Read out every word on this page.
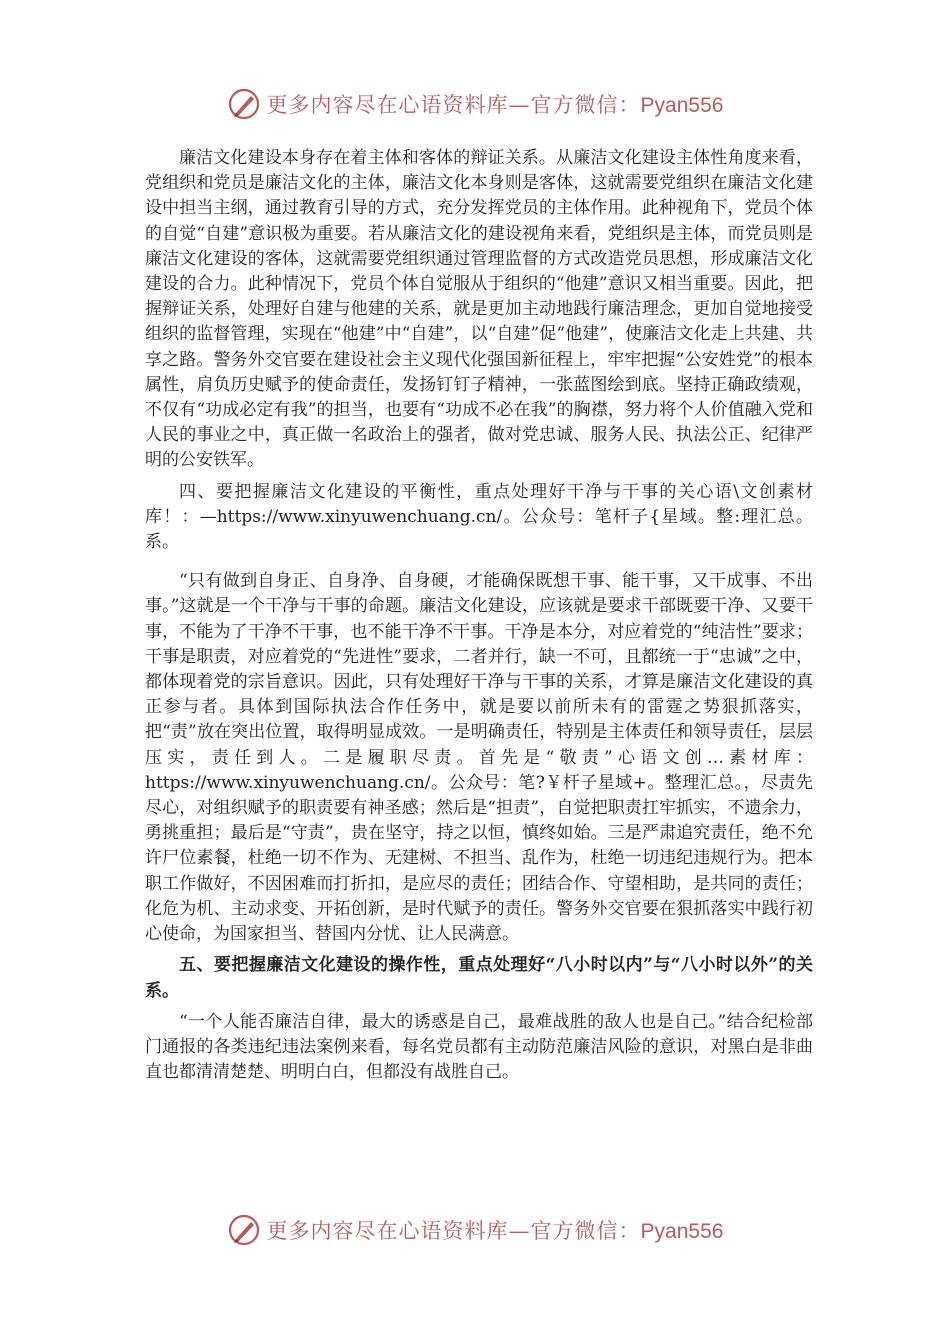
更多内容尽在心语资料库—官方微信：Pyan556

廉洁文化建设本身存在着主体和客体的辩证关系。从廉洁文化建设主体性角度来看，党组织和党员是廉洁文化的主体，廉洁文化本身则是客体，这就需要党组织在廉洁文化建设中担当主纲，通过教育引导的方式，充分发挥党员的主体作用。此种视角下，党员个体的自觉“自建”意识极为重要。若从廉洁文化的建设视角来看，党组织是主体，而党员则是廉洁文化建设的客体，这就需要党组织通过管理监督的方式改造党员思想，形成廉洁文化建设的合力。此种情况下，党员个体自觉服从于组织的“他建”意识又相当重要。因此，把握辩证关系，处理好自建与他建的关系，就是更加主动地践行廉洁理念，更加自觉地接受组织的监督管理，实现在“他建”中“自建”，以“自建”促“他建”，使廉洁文化走上共建、共享之路。警务外交官要在建设社会主义现代化强国新征程上，牢牢把握“公安姓党”的根本属性，肩负历史赋予的使命责任，发扬钉钉子精神，一张蓝图绘到底。坚持正确政绩观，不仅有“功成必定有我”的担当，也要有“功成不必在我”的胸襟，努力将个人价值融入党和人民的事业之中，真正做一名政治上的强者，做对党忠诚、服务人民、执法公正、纪律严明的公安铁军。

四、要把握廉洁文化建设的平衡性，重点处理好干净与干事的关心语\文创素材库！：—https://www.xinyuwenchuang.cn/。公众号：笔杆子{星域。整:理汇总。系。

“只有做到自身正、自身净、自身硬，才能确保既想干事、能干事，又干成事、不出事。”这就是一个干净与干事的命题。廉洁文化建设，应该就是要求干部既要干净、又要干事，不能为了干净不干事，也不能干净不干事。干净是本分，对应着党的“纯洁性”要求；干事是职责，对应着党的“先进性”要求，二者并行，缺一不可，且都统一于“忠诚”之中，都体现着党的宗旨意识。因此，只有处理好干净与干事的关系，才算是廉洁文化建设的真正参与者。具体到国际执法合作任务中，就是要以前所未有的雷霆之势狠抓落实，把“责”放在突出位置，取得明显成效。一是明确责任，特别是主体责任和领导责任，层层压实，责任到人。二是履职尽责。首先是“敬责”心语文创…素材库：https://www.xinyuwenchuang.cn/。公众号：笔?￥杆子星域+。整理汇总。，尽责先尽心，对组织赋予的职责要有神圣感；然后是“担责”，自觉把职责扛牢抓实，不遗余力，勇挑重担；最后是“守责”，贵在坚守，持之以恒，慎终如始。三是严肃追究责任，绝不允许尸位素餐，杜绝一切不作为、无建树、不担当、乱作为，杜绝一切违纪违规行为。把本职工作做好，不因困难而打折扣，是应尽的责任；团结合作、守望相助，是共同的责任；化危为机、主动求变、开拓创新，是时代赋予的责任。警务外交官要在狠抓落实中践行初心使命，为国家担当、替国内分忧、让人民满意。

五、要把握廉洁文化建设的操作性，重点处理好“八小时以内”与“八小时以外”的关系。

“一个人能否廉洁自律，最大的诱惑是自己，最难战胜的敌人也是自己。”结合纪检部门通报的各类违纪违法案例来看，每名党员都有主动防范廉洁风险的意识，对黑白是非曲直也都清清楚楚、明明白白，但都没有战胜自己。

更多内容尽在心语资料库—官方微信：Pyan556
